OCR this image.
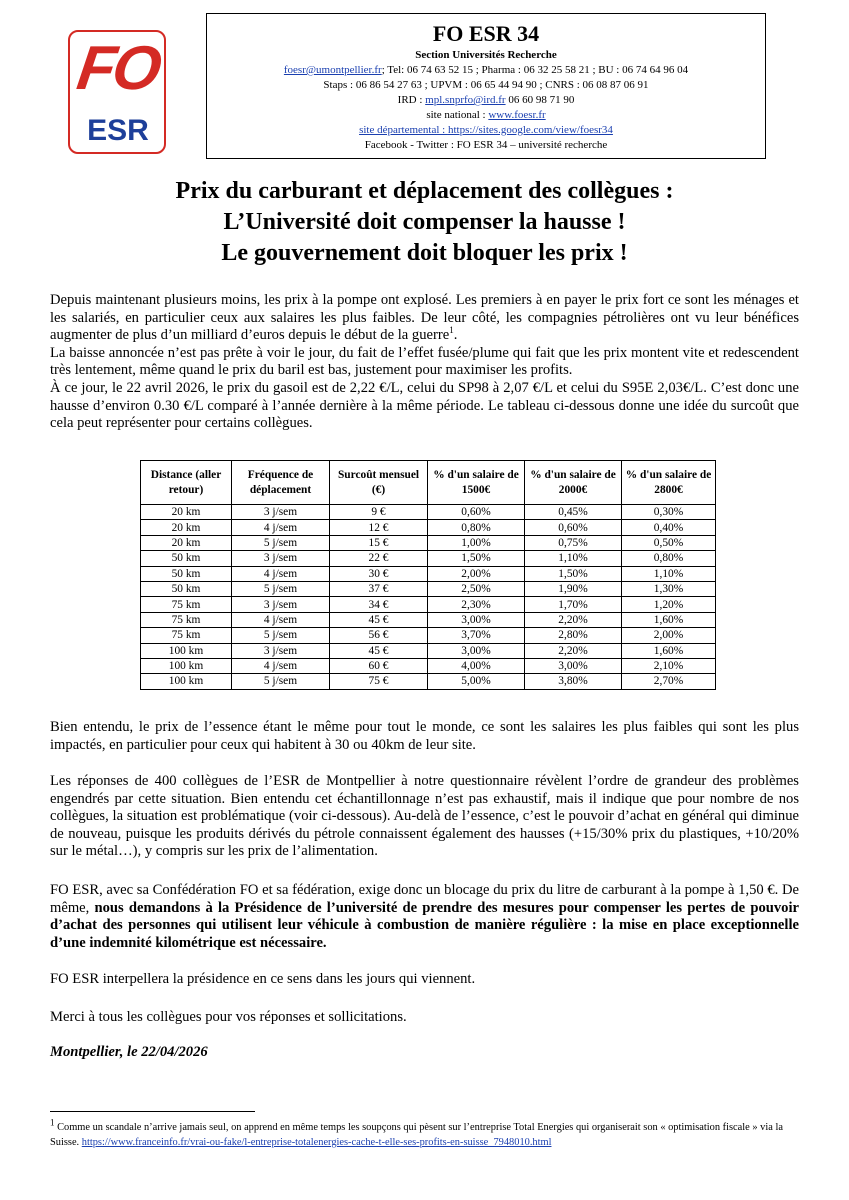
FO
ESR
FO ESR 34
Section Universités Recherche
foesr@umontpellier.fr; Tel: 06 74 63 52 15 ; Pharma : 06 32 25 58 21 ; BU : 06 74 64 96 04
Staps : 06 86 54 27 63 ; UPVM : 06 65 44 94 90 ; CNRS : 06 08 87 06 91
IRD : mpl.snprfo@ird.fr 06 60 98 71 90
site national : www.foesr.fr
site départemental : https://sites.google.com/view/foesr34
Facebook - Twitter : FO ESR 34 – université recherche
Prix du carburant et déplacement des collègues :
L’Université doit compenser la hausse !
Le gouvernement doit bloquer les prix !

Depuis maintenant plusieurs moins, les prix à la pompe ont explosé. Les premiers à en payer le prix fort ce sont les ménages et les salariés, en particulier ceux aux salaires les plus faibles. De leur côté, les compagnies pétrolières ont vu leur bénéfices augmenter de plus d’un milliard d’euros depuis le début de la guerre$^1$.

La baisse annoncée n’est pas prête à voir le jour, du fait de l’effet fusée/plume qui fait que les prix montent vite et redescendent très lentement, même quand le prix du baril est bas, justement pour maximiser les profits.

À ce jour, le 22 avril 2026, le prix du gasoil est de 2,22 €/L, celui du SP98 à 2,07 €/L et celui du S95E 2,03€/L. C’est donc une hausse d’environ 0.30 €/L comparé à l’année dernière à la même période. Le tableau ci-dessous donne une idée du surcoût que cela peut représenter pour certains collègues.

Distance (aller retour)	Fréquence de déplacement	Surcoût mensuel (€)	% d'un salaire de 1500€	% d'un salaire de 2000€	% d'un salaire de 2800€
20 km	3 j/sem	9 €	0,60%	0,45%	0,30%
20 km	4 j/sem	12 €	0,80%	0,60%	0,40%
20 km	5 j/sem	15 €	1,00%	0,75%	0,50%
50 km	3 j/sem	22 €	1,50%	1,10%	0,80%
50 km	4 j/sem	30 €	2,00%	1,50%	1,10%
50 km	5 j/sem	37 €	2,50%	1,90%	1,30%
75 km	3 j/sem	34 €	2,30%	1,70%	1,20%
75 km	4 j/sem	45 €	3,00%	2,20%	1,60%
75 km	5 j/sem	56 €	3,70%	2,80%	2,00%
100 km	3 j/sem	45 €	3,00%	2,20%	1,60%
100 km	4 j/sem	60 €	4,00%	3,00%	2,10%
100 km	5 j/sem	75 €	5,00%	3,80%	2,70%
Bien entendu, le prix de l’essence étant le même pour tout le monde, ce sont les salaires les plus faibles qui sont les plus impactés, en particulier pour ceux qui habitent à 30 ou 40km de leur site.
Les réponses de 400 collègues de l’ESR de Montpellier à notre questionnaire révèlent l’ordre de grandeur des problèmes engendrés par cette situation. Bien entendu cet échantillonnage n’est pas exhaustif, mais il indique que pour nombre de nos collègues, la situation est problématique (voir ci-dessous). Au-delà de l’essence, c’est le pouvoir d’achat en général qui diminue de nouveau, puisque les produits dérivés du pétrole connaissent également des hausses (+15/30% prix du plastiques, +10/20% sur le métal…), y compris sur les prix de l’alimentation.
FO ESR, avec sa Confédération FO et sa fédération, exige donc un blocage du prix du litre de carburant à la pompe à 1,50 €. De même, nous demandons à la Présidence de l’université de prendre des mesures pour compenser les pertes de pouvoir d’achat des personnes qui utilisent leur véhicule à combustion de manière régulière : la mise en place exceptionnelle d’une indemnité kilométrique est nécessaire.
FO ESR interpellera la présidence en ce sens dans les jours qui viennent.
Merci à tous les collègues pour vos réponses et sollicitations.
Montpellier, le 22/04/2026
$^1$ Comme un scandale n’arrive jamais seul, on apprend en même temps les soupçons qui pèsent sur l’entreprise Total Energies qui organiserait son « optimisation fiscale » via la Suisse. https://www.franceinfo.fr/vrai-ou-fake/l-entreprise-totalenergies-cache-t-elle-ses-profits-en-suisse_7948010.html
